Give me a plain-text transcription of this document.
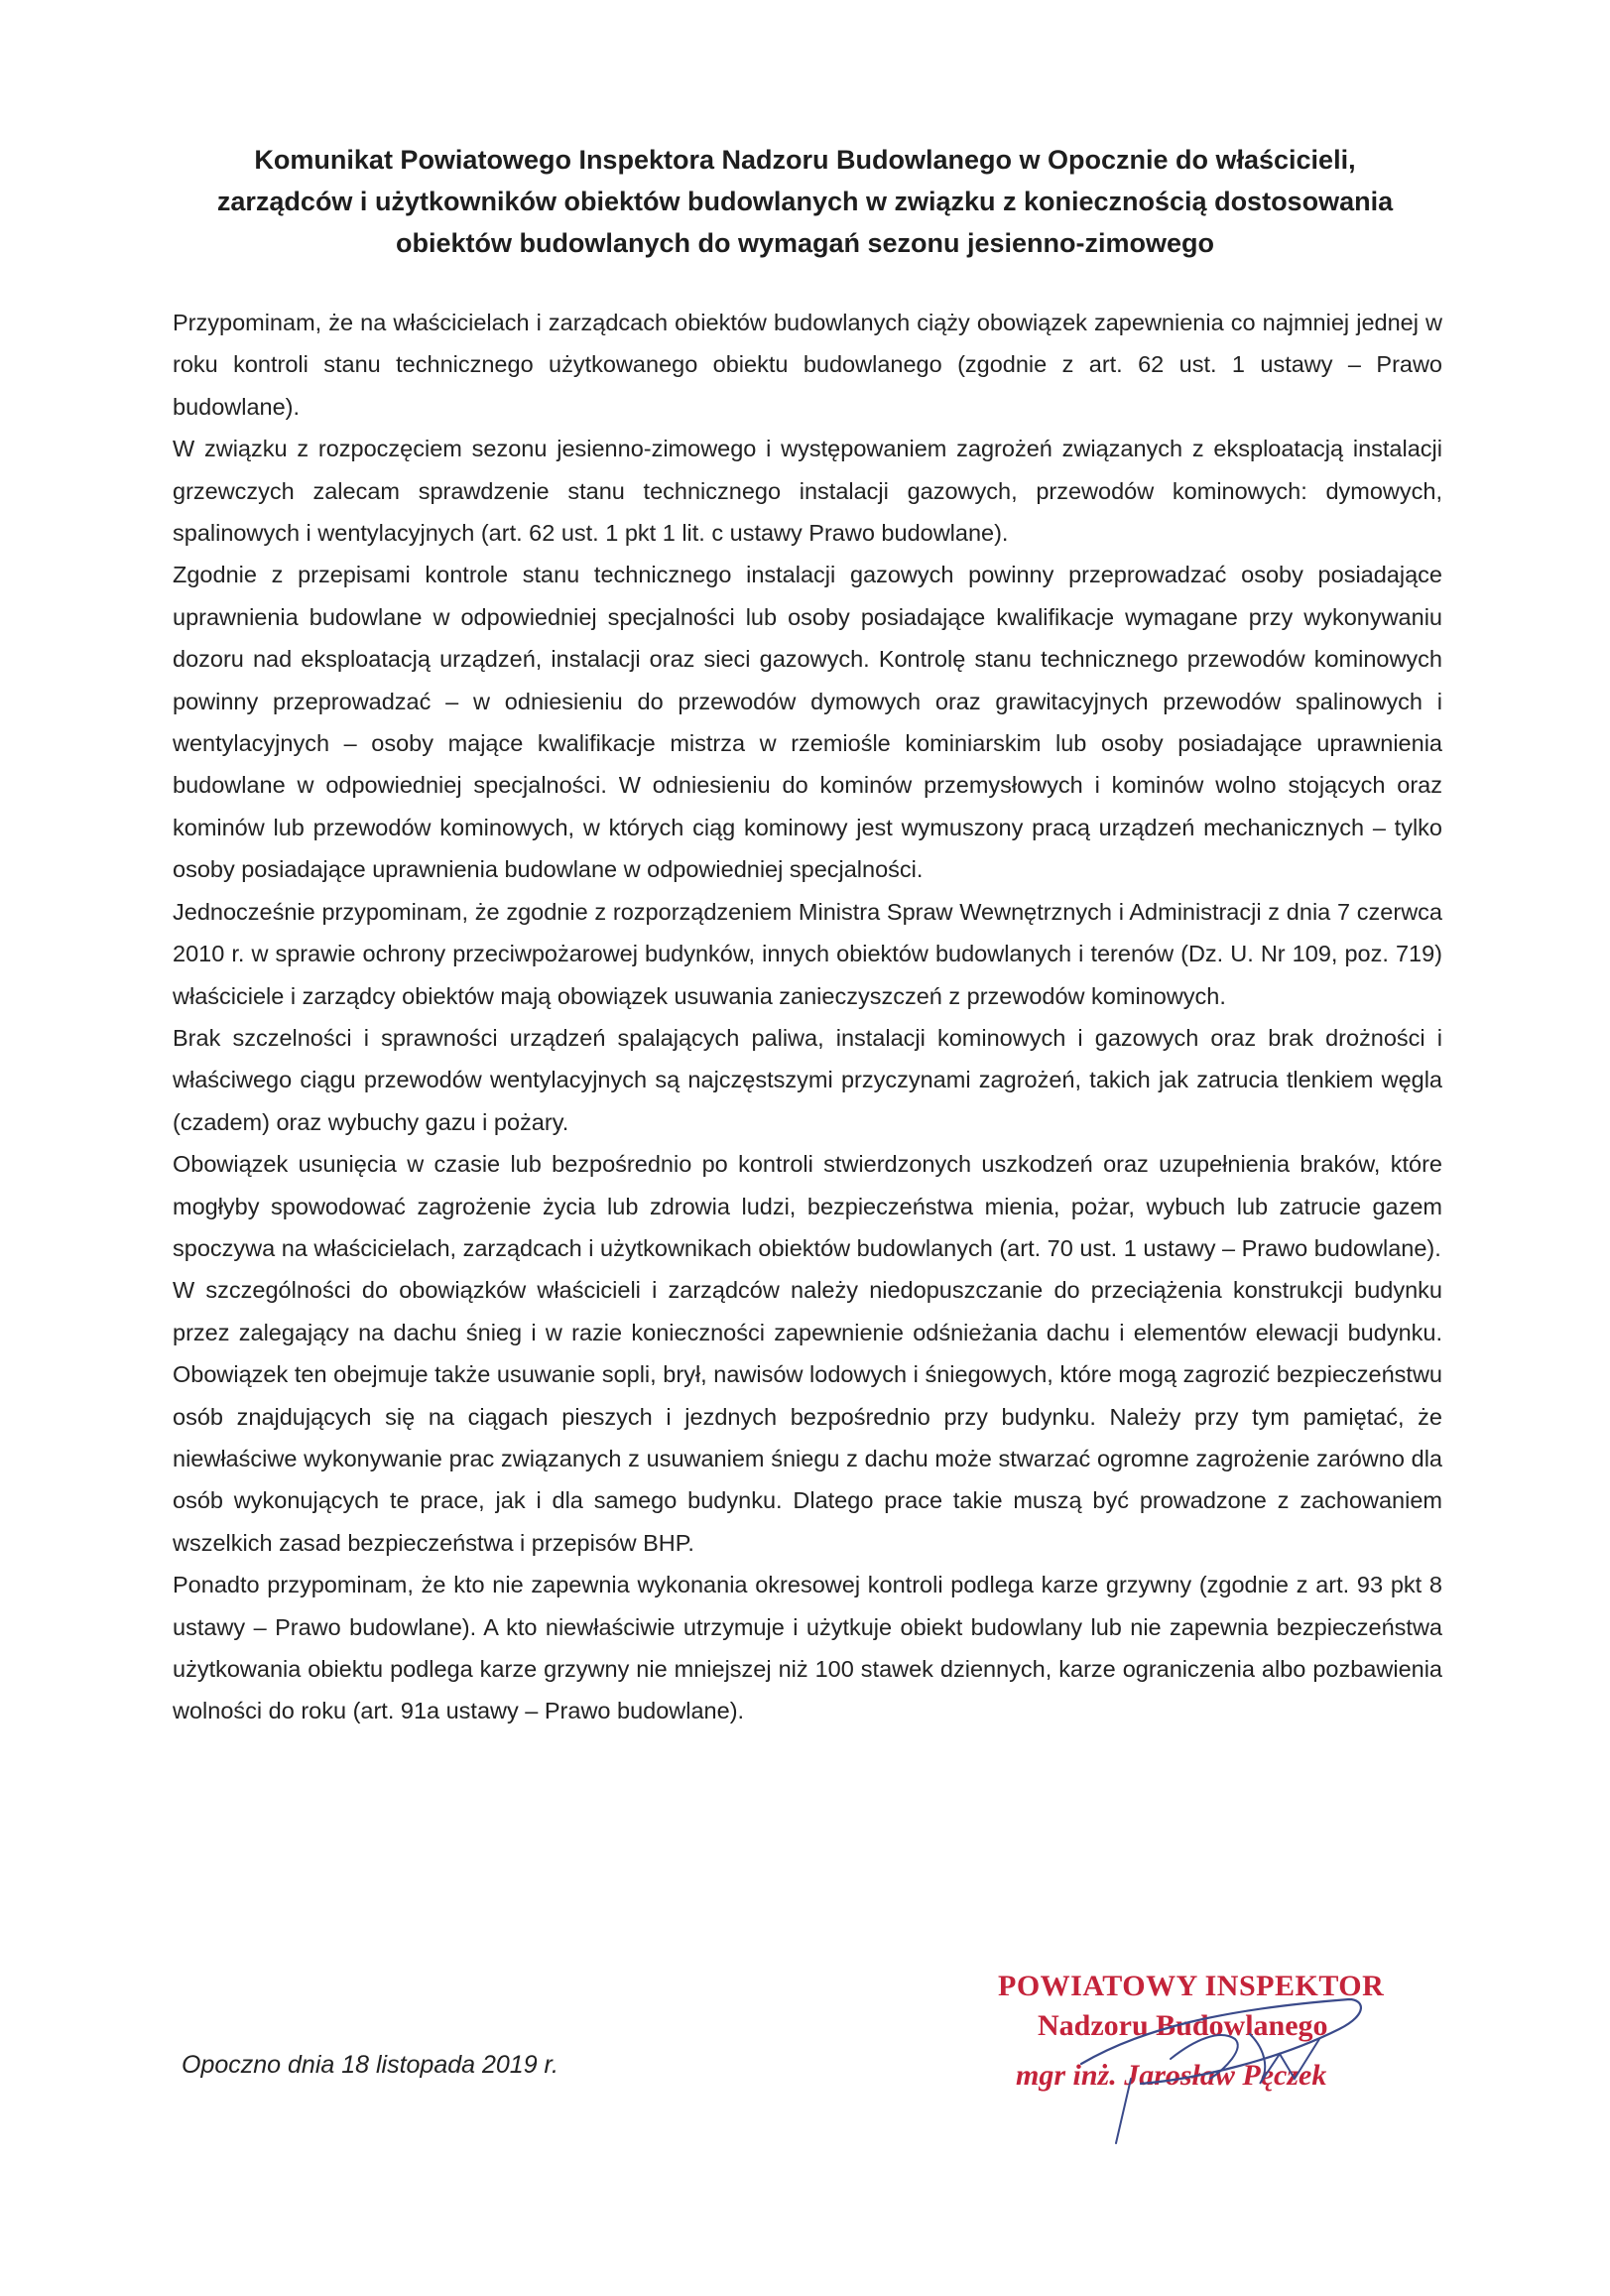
Komunikat Powiatowego Inspektora Nadzoru Budowlanego w Opocznie do właścicieli,
zarządców i użytkowników obiektów budowlanych w związku z koniecznością dostosowania
obiektów budowlanych do wymagań sezonu jesienno-zimowego

Przypominam, że na właścicielach i zarządcach obiektów budowlanych ciąży obowiązek zapewnienia co najmniej jednej w roku kontroli stanu technicznego użytkowanego obiektu budowlanego (zgodnie z art. 62 ust. 1 ustawy – Prawo budowlane).

W związku z rozpoczęciem sezonu jesienno-zimowego i występowaniem zagrożeń związanych z eksploatacją instalacji grzewczych zalecam sprawdzenie stanu technicznego instalacji gazowych, przewodów kominowych: dymowych, spalinowych i wentylacyjnych (art. 62 ust. 1 pkt 1 lit. c ustawy Prawo budowlane).

Zgodnie z przepisami kontrole stanu technicznego instalacji gazowych powinny przeprowadzać osoby posiadające uprawnienia budowlane w odpowiedniej specjalności lub osoby posiadające kwalifikacje wymagane przy wykonywaniu dozoru nad eksploatacją urządzeń, instalacji oraz sieci gazowych. Kontrolę stanu technicznego przewodów kominowych powinny przeprowadzać – w odniesieniu do przewodów dymowych oraz grawitacyjnych przewodów spalinowych i wentylacyjnych – osoby mające kwalifikacje mistrza w rzemiośle kominiarskim lub osoby posiadające uprawnienia budowlane w odpowiedniej specjalności. W odniesieniu do kominów przemysłowych i kominów wolno stojących oraz kominów lub przewodów kominowych, w których ciąg kominowy jest wymuszony pracą urządzeń mechanicznych – tylko osoby posiadające uprawnienia budowlane w odpowiedniej specjalności.

Jednocześnie przypominam, że zgodnie z rozporządzeniem Ministra Spraw Wewnętrznych i Administracji z dnia 7 czerwca 2010 r. w sprawie ochrony przeciwpożarowej budynków, innych obiektów budowlanych i terenów (Dz. U. Nr 109, poz. 719) właściciele i zarządcy obiektów mają obowiązek usuwania zanieczyszczeń z przewodów kominowych.

Brak szczelności i sprawności urządzeń spalających paliwa, instalacji kominowych i gazowych oraz brak drożności i właściwego ciągu przewodów wentylacyjnych są najczęstszymi przyczynami zagrożeń, takich jak zatrucia tlenkiem węgla (czadem) oraz wybuchy gazu i pożary.

Obowiązek usunięcia w czasie lub bezpośrednio po kontroli stwierdzonych uszkodzeń oraz uzupełnienia braków, które mogłyby spowodować zagrożenie życia lub zdrowia ludzi, bezpieczeństwa mienia, pożar, wybuch lub zatrucie gazem spoczywa na właścicielach, zarządcach i użytkownikach obiektów budowlanych (art. 70 ust. 1 ustawy – Prawo budowlane).

W szczególności do obowiązków właścicieli i zarządców należy niedopuszczanie do przeciążenia konstrukcji budynku przez zalegający na dachu śnieg i w razie konieczności zapewnienie odśnieżania dachu i elementów elewacji budynku. Obowiązek ten obejmuje także usuwanie sopli, brył, nawisów lodowych i śniegowych, które mogą zagrozić bezpieczeństwu osób znajdujących się na ciągach pieszych i jezdnych bezpośrednio przy budynku. Należy przy tym pamiętać, że niewłaściwe wykonywanie prac związanych z usuwaniem śniegu z dachu może stwarzać ogromne zagrożenie zarówno dla osób wykonujących te prace, jak i dla samego budynku. Dlatego prace takie muszą być prowadzone z zachowaniem wszelkich zasad bezpieczeństwa i przepisów BHP.

Ponadto przypominam, że kto nie zapewnia wykonania okresowej kontroli podlega karze grzywny (zgodnie z art. 93 pkt 8 ustawy – Prawo budowlane). A kto niewłaściwie utrzymuje i użytkuje obiekt budowlany lub nie zapewnia bezpieczeństwa użytkowania obiektu podlega karze grzywny nie mniejszej niż 100 stawek dziennych, karze ograniczenia albo pozbawienia wolności do roku (art. 91a ustawy – Prawo budowlane).

Opoczno dnia 18 listopada 2019 r.
POWIATOWY INSPEKTOR
Nadzoru Budowlanego
mgr inż. Jarosław Pęczek
